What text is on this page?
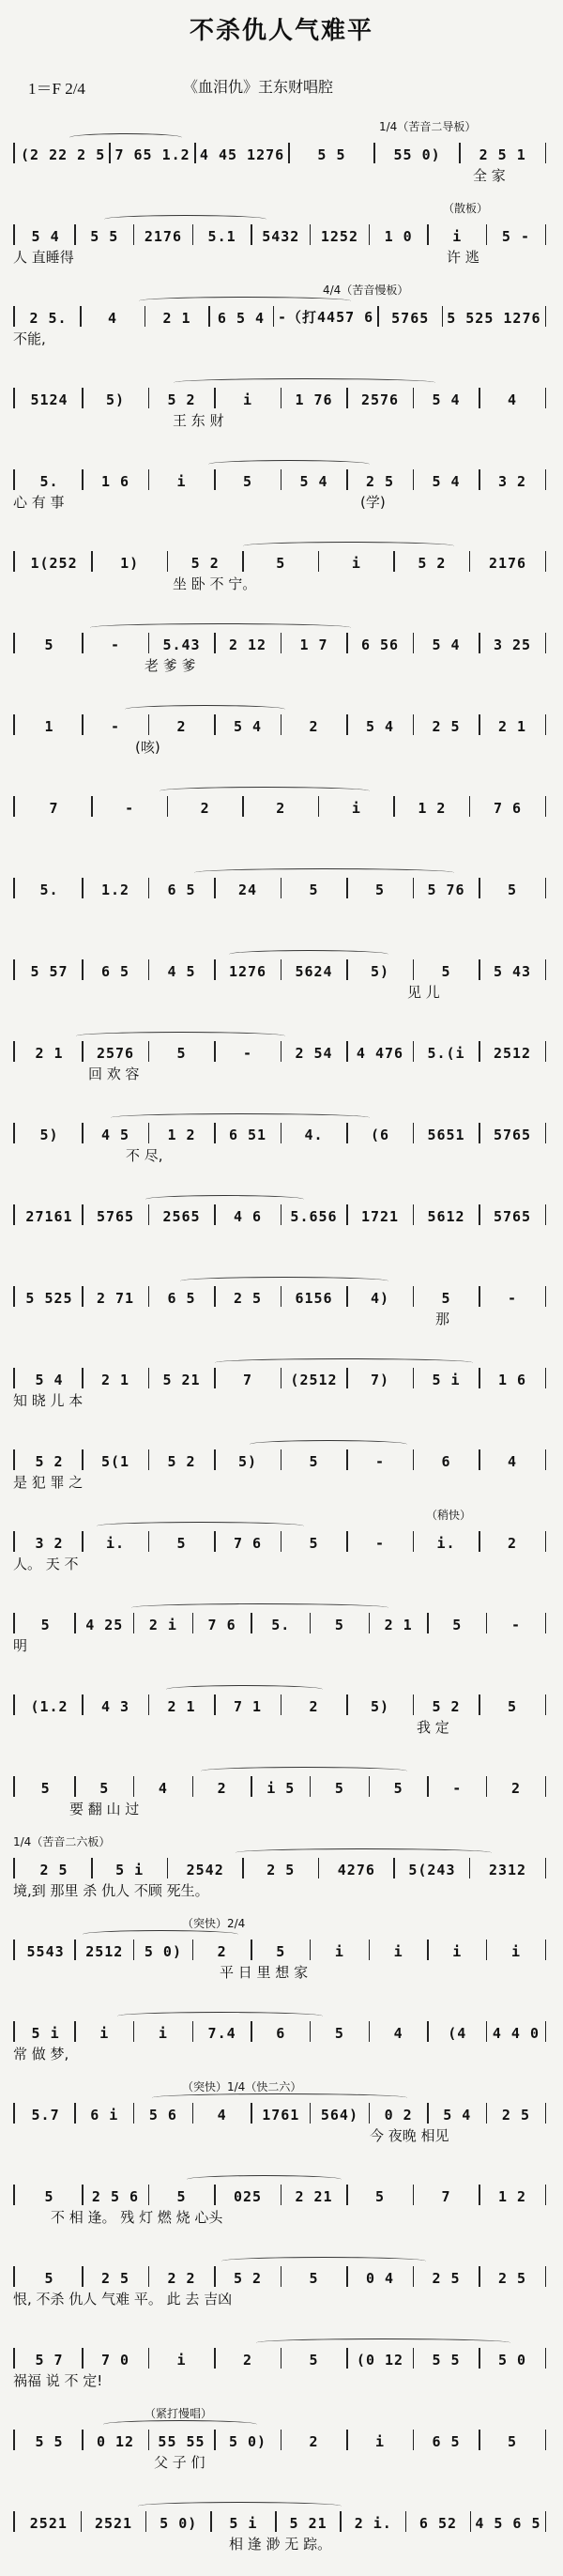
不杀仇人气难平
1＝F 2/4	《血泪仇》王东财唱腔
1/4（苦音二导板）
(2 22 2 5 7 65 1.2 4 45 1276	5 5	55 0)	2 5 1
全 家
（散板）
5 4	5 5	2176	5.1	5432	1252	1 0	i	5 -
人 直睡得	许 逃
4/4（苦音慢板）
2 5.	4	2 1	6 5 4 -（打4457 6	5765	5 525 1276
不能,
5124	5)	5 2	i	1 76	2576	5 4	4
王 东 财
5.	1 6	i	5	5 4	2 5	5 4	3 2
心 有 事	(学)
1(252	1)	5 2	5	i	5 2	2176
坐 卧 不 宁。
5	-	5.43	2 12	1 7	6 56	5 4	3 25
老 爹 爹
1	-	2	5 4	2	5 4	2 5	2 1
(咳)
7	-	2	2	i	1 2	7 6
5.	1.2	6 5	24	5	5	5 76	5
5 57	6 5	4 5	1276	5624	5)	5	5 43
见 儿
2 1	2576	5	-	2 54	4 476	5.(i	2512
回 欢 容
5)	4 5	1 2	6 51	4.	(6	5651	5765
不 尽,
27161	5765	2565	4 6	5.656	1721	5612	5765
5 525	2 71	6 5	2 5	6156	4)	5	-
那
5 4	2 1	5 21	7	(2512	7)	5 i	1 6
知 晓 儿 本
5 2	5(1	5 2	5)	5	-	6	4
是 犯 罪 之
（稍快）
3 2	i.	5	7 6	5	-	i.	2
人。 天 不
5	4 25	2 i	7 6	5.	5	2 1	5	-
明
(1.2	4 3	2 1	7 1	2	5)	5 2	5
我 定
5	5	4	2	i 5	5	5	-	2
要 翻 山 过
1/4（苦音二六板）
2 5	5 i	2542	2 5	4276	5(243	2312
境,到 那里 杀 仇人 不顾 死生。
（突快）2/4
5543	2512	5 0)	2	5	i	i	i	i
平 日 里 想 家
5 i	i	i	7.4	6	5	4	(4	4 4 0
常 做 梦,
（突快）1/4（快二六）
5.7	6 i	5 6	4	1761	564)	0 2	5 4	2 5
今 夜晚 相见
5	2 5 6	5	025	2 21	5	7	1 2
不 相 逢。 残 灯 燃 烧 心头
5	2 5	2 2	5 2	5	0 4	2 5	2 5
恨, 不杀 仇人 气难 平。 此 去 吉凶
5 7	7 0	i	2	5	(0 12	5 5	5 0
祸福 说 不 定!
（紧打慢唱）
5 5	0 12	55 55	5 0)	2	i	6 5	5
父 子 们
2521	2521	5 0)	5 i	5 21	2 i.	6 52	4 5 6 5
相 逢 渺 无 踪。
